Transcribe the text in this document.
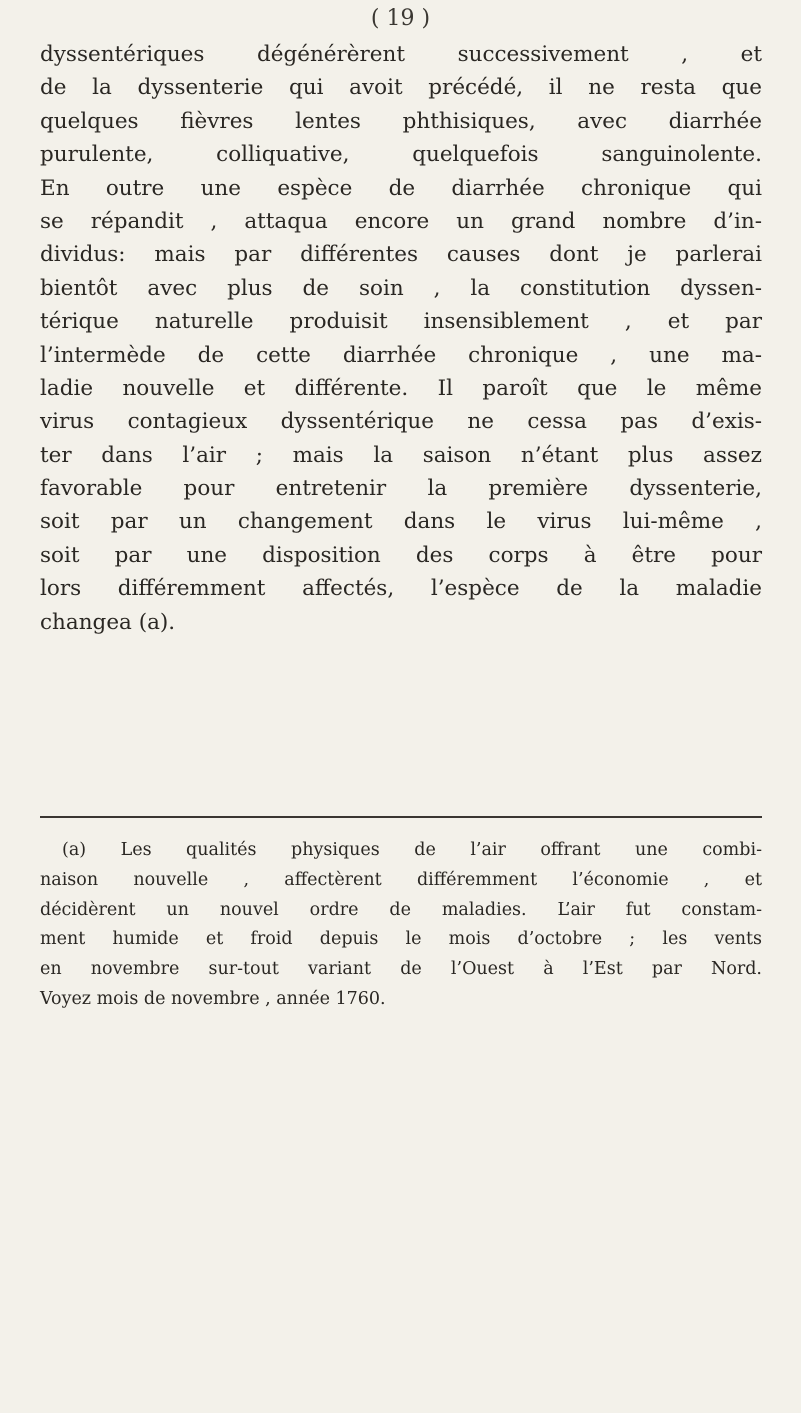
( 19 )
dyssentériques dégénérèrent successivement , et
de la dyssenterie qui avoit précédé, il ne resta que
quelques fièvres lentes phthisiques, avec diarrhée
purulente, colliquative, quelquefois sanguinolente.
En outre une espèce de diarrhée chronique qui
se répandit , attaqua encore un grand nombre d’in-
dividus: mais par différentes causes dont je parlerai
bientôt avec plus de soin , la constitution dyssen-
térique naturelle produisit insensiblement , et par
l’intermède de cette diarrhée chronique , une ma-
ladie nouvelle et différente. Il paroît que le même
virus contagieux dyssentérique ne cessa pas d’exis-
ter dans l’air ; mais la saison n’étant plus assez
favorable pour entretenir la première dyssenterie,
soit par un changement dans le virus lui-même ,
soit par une disposition des corps à être pour
lors différemment affectés, l’espèce de la maladie
changea (a).
(a) Les qualités physiques de l’air offrant une combi-
naison nouvelle , affectèrent différemment l’économie , et
décidèrent un nouvel ordre de maladies. L’air fut constam-
ment humide et froid depuis le mois d’octobre ; les vents
en novembre sur-tout variant de l’Ouest à l’Est par Nord.
Voyez mois de novembre , année 1760.
